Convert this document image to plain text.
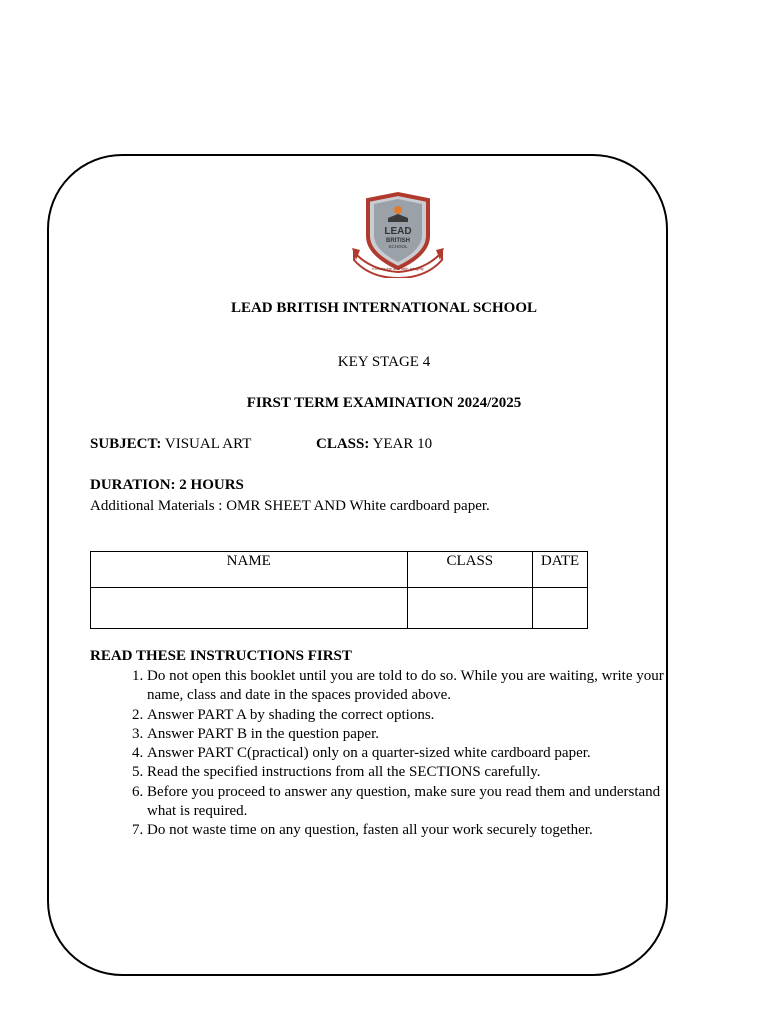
LEAD
BRITISH
SCHOOL
Knowledge and faith Integrity
LEAD BRITISH INTERNATIONAL SCHOOL
KEY STAGE 4
FIRST TERM EXAMINATION 2024/2025
SUBJECT: VISUAL ART	CLASS: YEAR 10
DURATION: 2 HOURS
Additional Materials : OMR SHEET AND White cardboard paper.
NAME	CLASS	DATE

READ THESE INSTRUCTIONS FIRST
1. Do not open this booklet until you are told to do so. While you are waiting, write your name, class and date in the spaces provided above.
2. Answer PART A by shading the correct options.
3. Answer PART B in the question paper.
4. Answer PART C(practical) only on a quarter-sized white cardboard paper.
5. Read the specified instructions from all the SECTIONS carefully.
6. Before you proceed to answer any question, make sure you read them and understand what is required.
7. Do not waste time on any question, fasten all your work securely together.
